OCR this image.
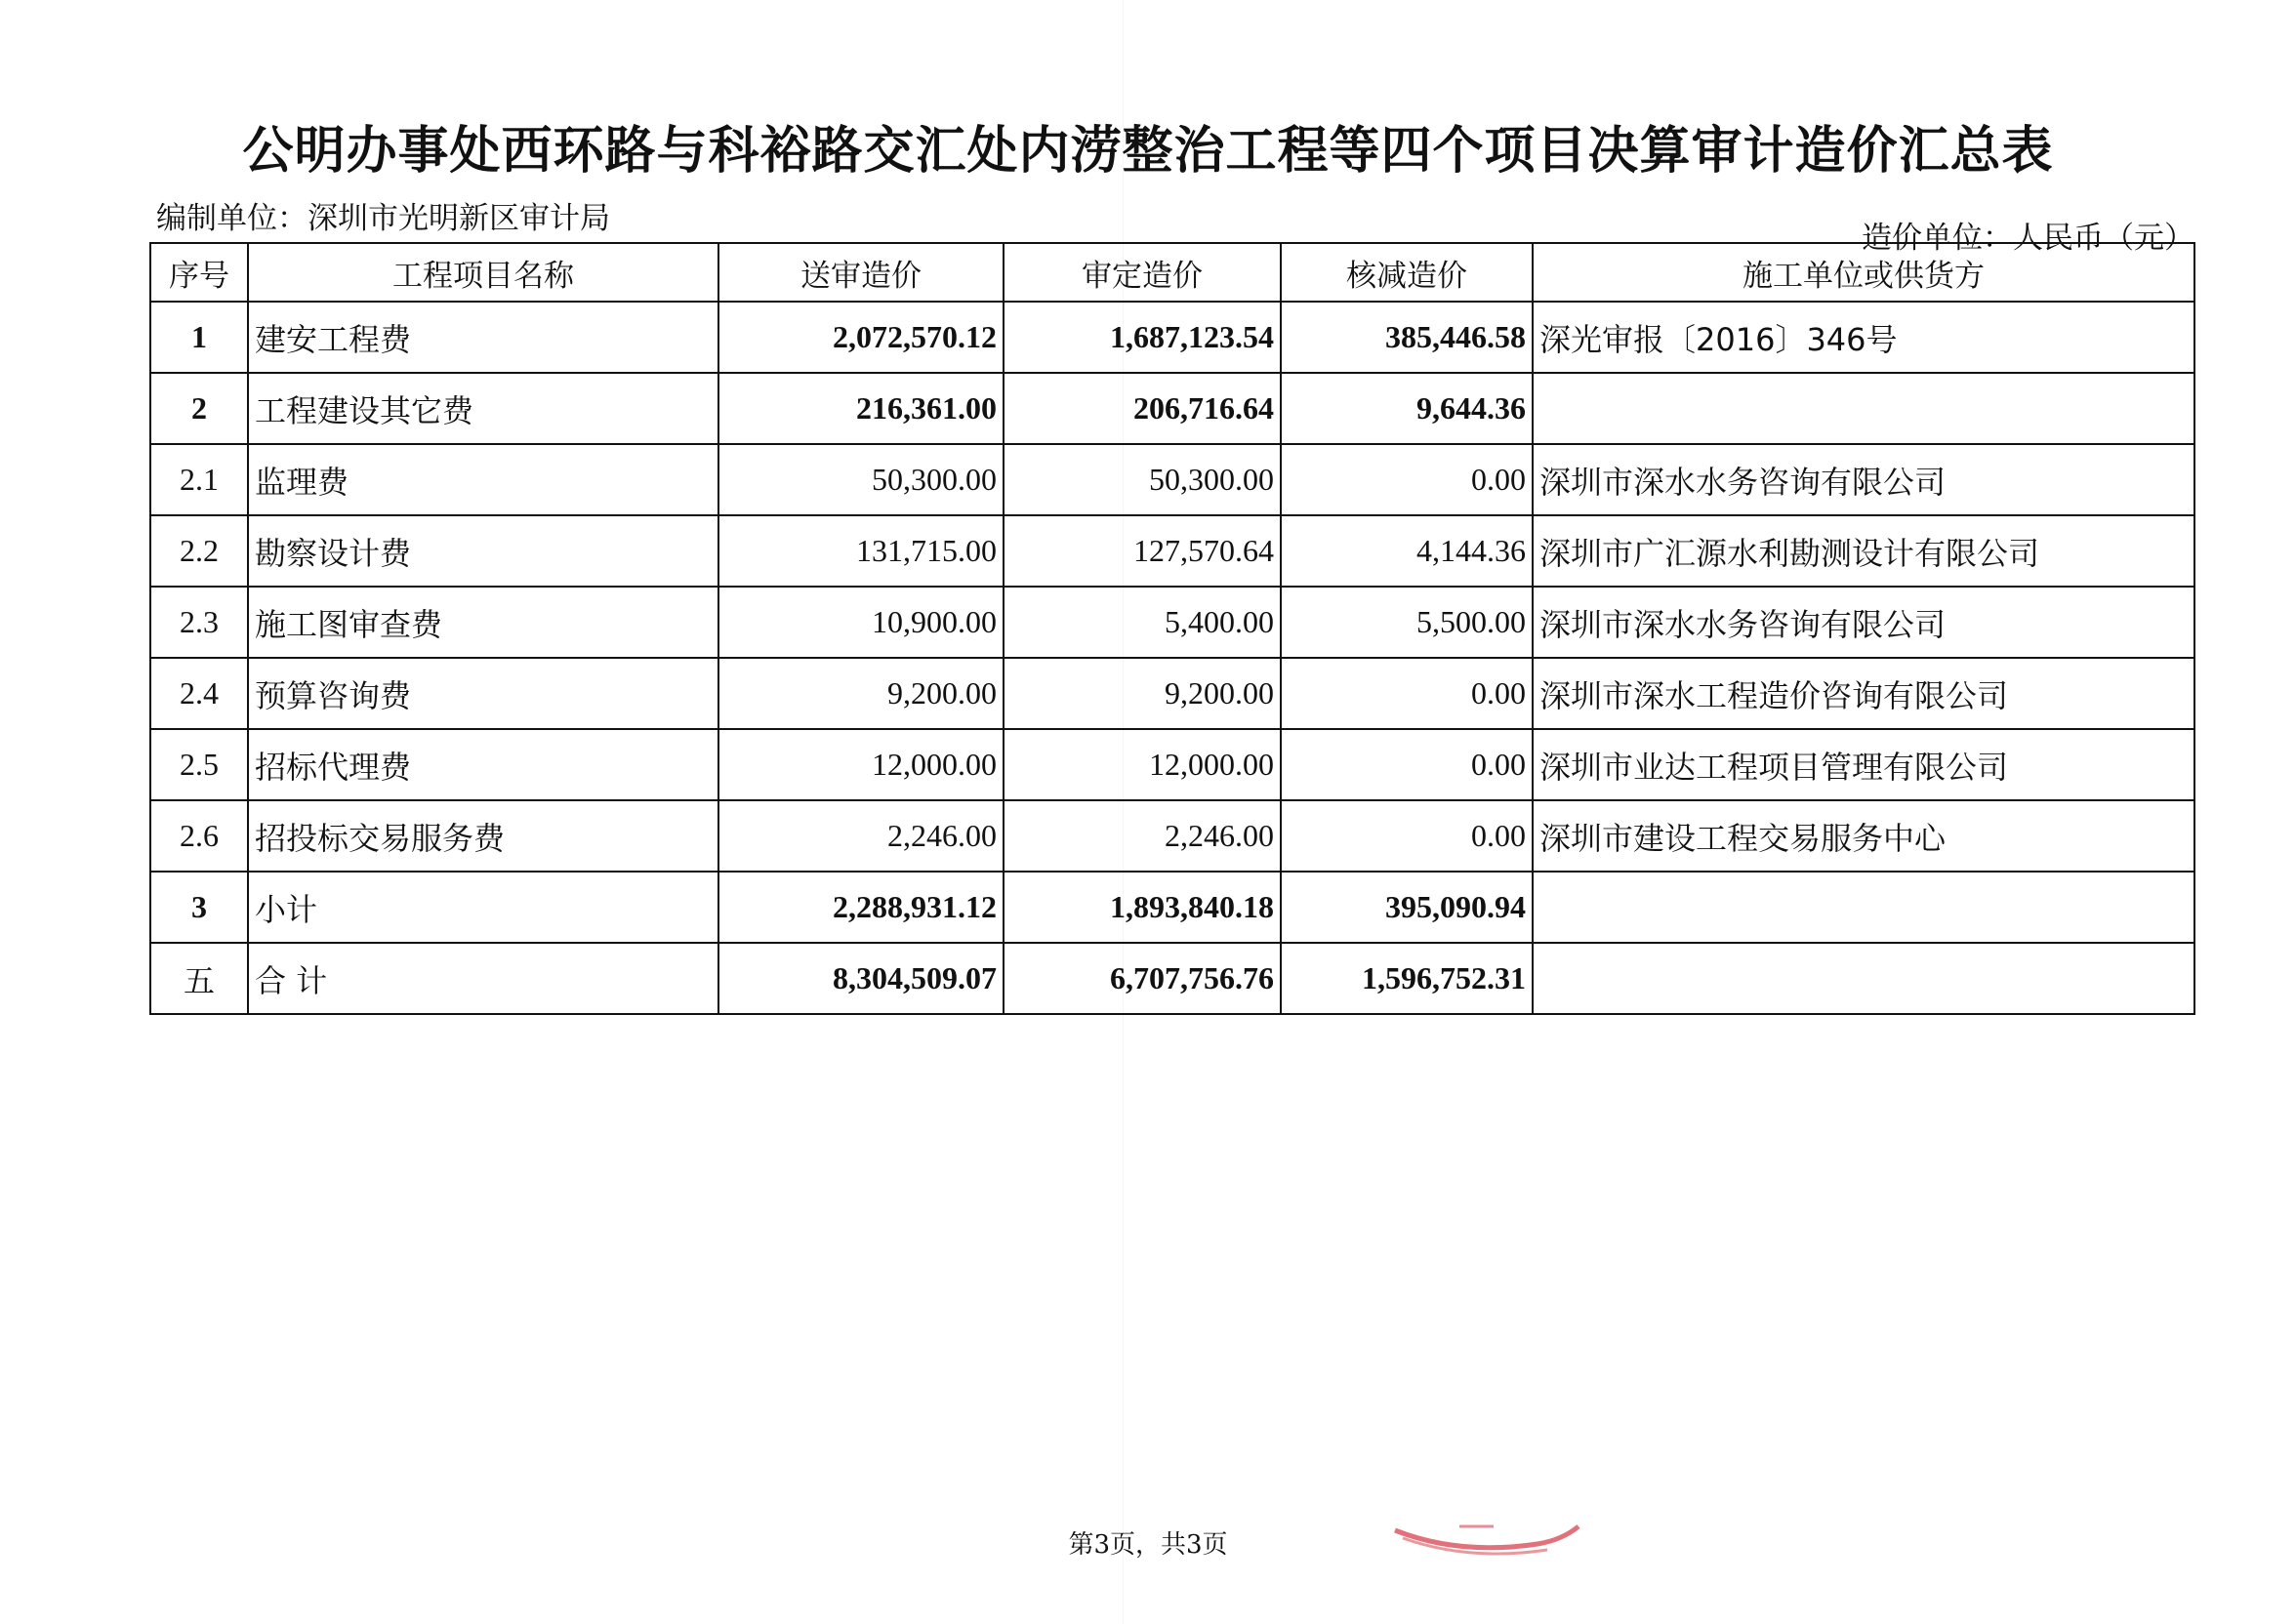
公明办事处西环路与科裕路交汇处内涝整治工程等四个项目决算审计造价汇总表
编制单位：深圳市光明新区审计局
造价单位：人民币（元）
序号	工程项目名称	送审造价	审定造价	核减造价	施工单位或供货方
1	建安工程费	2,072,570.12	1,687,123.54	385,446.58	深光审报〔2016〕346号
2	工程建设其它费	216,361.00	206,716.64	9,644.36	
2.1	监理费	50,300.00	50,300.00	0.00	深圳市深水水务咨询有限公司
2.2	勘察设计费	131,715.00	127,570.64	4,144.36	深圳市广汇源水利勘测设计有限公司
2.3	施工图审查费	10,900.00	5,400.00	5,500.00	深圳市深水水务咨询有限公司
2.4	预算咨询费	9,200.00	9,200.00	0.00	深圳市深水工程造价咨询有限公司
2.5	招标代理费	12,000.00	12,000.00	0.00	深圳市业达工程项目管理有限公司
2.6	招投标交易服务费	2,246.00	2,246.00	0.00	深圳市建设工程交易服务中心
3	小计	2,288,931.12	1,893,840.18	395,090.94	
五	合 计	8,304,509.07	6,707,756.76	1,596,752.31	
第3页，共3页
